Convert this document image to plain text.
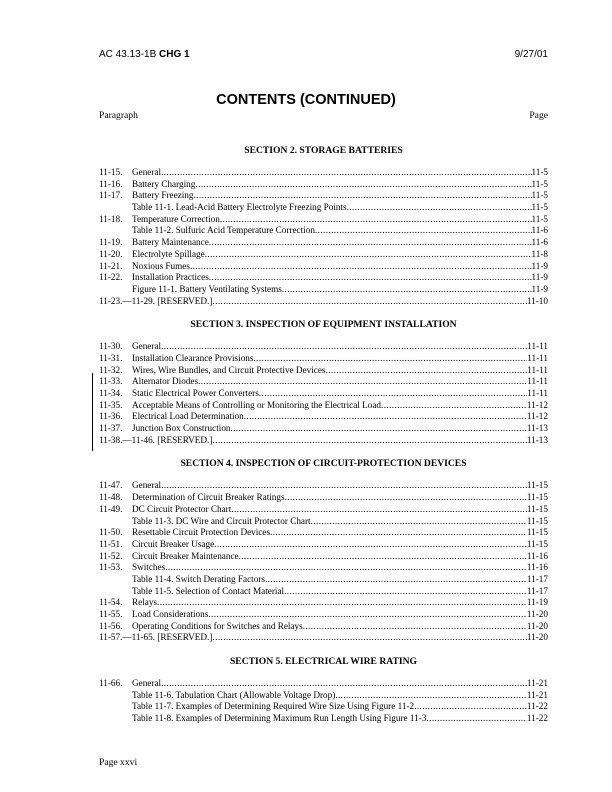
AC 43.13-1B CHG 1	9/27/01
CONTENTS (CONTINUED)
Paragraph	Page
SECTION 2. STORAGE BATTERIES
11-15.	General .....	11-5
11-16.	Battery Charging .....	11-5
11-17.	Battery Freezing .....	11-5
Table 11-1. Lead-Acid Battery Electrolyte Freezing Points .....	11-5
11-18.	Temperature Correction .....	11-5
Table 11-2. Sulfuric Acid Temperature Correction .....	11-6
11-19.	Battery Maintenance .....	11-6
11-20.	Electrolyte Spillage .....	11-8
11-21.	Noxious Fumes .....	11-9
11-22.	Installation Practices .....	11-9
Figure 11-1. Battery Ventilating Systems .....	11-9
11-23.—11-29. [RESERVED.] .....	11-10
SECTION 3. INSPECTION OF EQUIPMENT INSTALLATION
11-30.	General .....	11-11
11-31.	Installation Clearance Provisions .....	11-11
11-32.	Wires, Wire Bundles, and Circuit Protective Devices .....	11-11
11-33.	Alternator Diodes .....	11-11
11-34.	Static Electrical Power Converters .....	11-11
11-35.	Acceptable Means of Controlling or Monitoring the Electrical Load .....	11-12
11-36.	Electrical Load Determination .....	11-12
11-37.	Junction Box Construction .....	11-13
11-38.—11-46. [RESERVED.] .....	11-13
SECTION 4. INSPECTION OF CIRCUIT-PROTECTION DEVICES
11-47.	General .....	11-15
11-48.	Determination of Circuit Breaker Ratings .....	11-15
11-49.	DC Circuit Protector Chart .....	11-15
Table 11-3. DC Wire and Circuit Protector Chart .....	11-15
11-50.	Resettable Circuit Protection Devices .....	11-15
11-51.	Circuit Breaker Usage .....	11-15
11-52.	Circuit Breaker Maintenance .....	11-16
11-53.	Switches .....	11-16
Table 11-4. Switch Derating Factors .....	11-17
Table 11-5. Selection of Contact Material .....	11-17
11-54.	Relays .....	11-19
11-55.	Load Considerations .....	11-20
11-56.	Operating Conditions for Switches and Relays .....	11-20
11-57.—11-65. [RESERVED.] .....	11-20
SECTION 5. ELECTRICAL WIRE RATING
11-66.	General .....	11-21
Table 11-6. Tabulation Chart (Allowable Voltage Drop) .....	11-21
Table 11-7. Examples of Determining Required Wire Size Using Figure 11-2 .....	11-22
Table 11-8. Examples of Determining Maximum Run Length Using Figure 11-3 .....	11-22
Page xxvi
